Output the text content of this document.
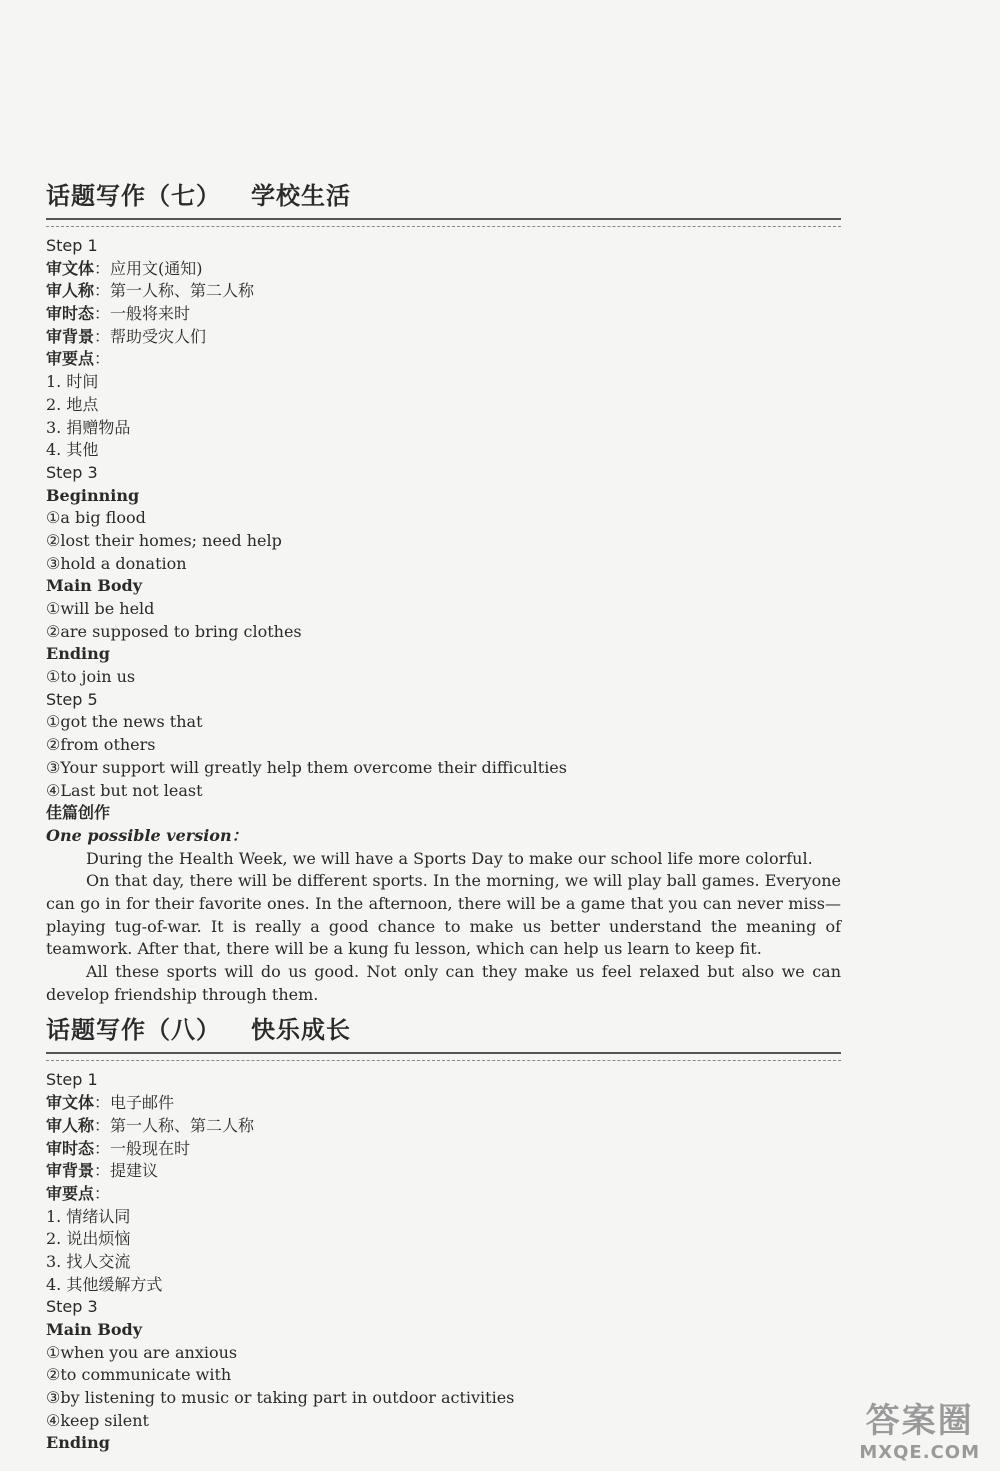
话题写作（七） 学校生活
Step 1
审文体：应用文(通知)
审人称：第一人称、第二人称
审时态：一般将来时
审背景：帮助受灾人们
审要点：
1. 时间
2. 地点
3. 捐赠物品
4. 其他
Step 3
Beginning
①a big flood
②lost their homes; need help
③hold a donation
Main Body
①will be held
②are supposed to bring clothes
Ending
①to join us
Step 5
①got the news that
②from others
③Your support will greatly help them overcome their difficulties
④Last but not least
佳篇创作
One possible version：

During the Health Week, we will have a Sports Day to make our school life more colorful.

On that day, there will be different sports. In the morning, we will play ball games. Everyone can go in for their favorite ones. In the afternoon, there will be a game that you can never miss—playing tug-of-war. It is really a good chance to make us better understand the meaning of teamwork. After that, there will be a kung fu lesson, which can help us learn to keep fit.

All these sports will do us good. Not only can they make us feel relaxed but also we can develop friendship through them.

话题写作（八） 快乐成长
Step 1
审文体：电子邮件
审人称：第一人称、第二人称
审时态：一般现在时
审背景：提建议
审要点：
1. 情绪认同
2. 说出烦恼
3. 找人交流
4. 其他缓解方式
Step 3
Main Body
①when you are anxious
②to communicate with
③by listening to music or taking part in outdoor activities
④keep silent
Ending
答案圈
MXQE.COM
